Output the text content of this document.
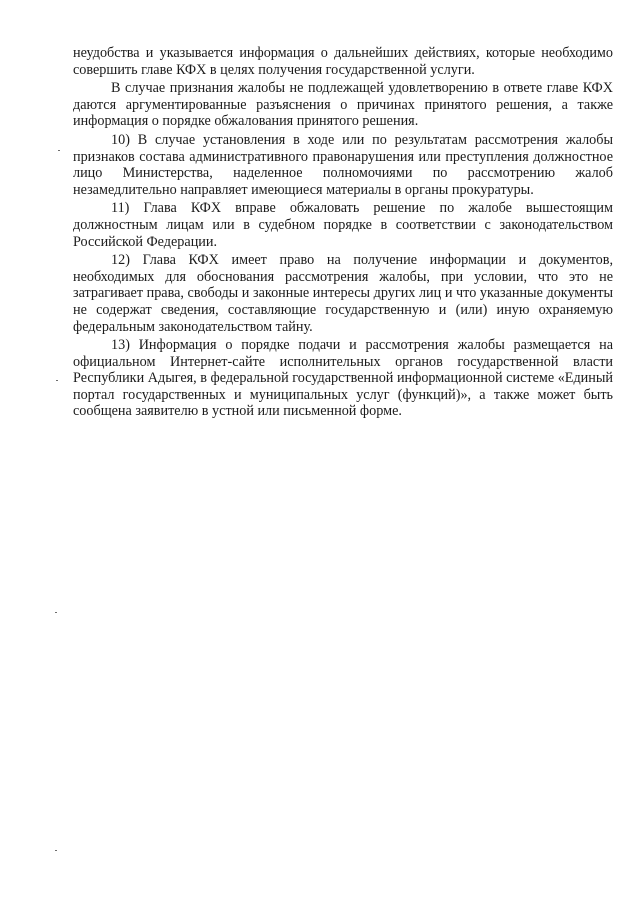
неудобства и указывается информация о дальнейших действиях, которые необходимо совершить главе КФХ в целях получения государственной услуги.

В случае признания жалобы не подлежащей удовлетворению в ответе главе КФХ даются аргументированные разъяснения о причинах принятого решения, а также информация о порядке обжалования принятого решения.

10) В случае установления в ходе или по результатам рассмотрения жалобы признаков состава административного правонарушения или преступления должностное лицо Министерства, наделенное полномочиями по рассмотрению жалоб незамедлительно направляет имеющиеся материалы в органы прокуратуры.

11) Глава КФХ вправе обжаловать решение по жалобе вышестоящим должностным лицам или в судебном порядке в соответствии с законодательством Российской Федерации.

12) Глава КФХ имеет право на получение информации и документов, необходимых для обоснования рассмотрения жалобы, при условии, что это не затрагивает права, свободы и законные интересы других лиц и что указанные документы не содержат сведения, составляющие государственную и (или) иную охраняемую федеральным законодательством тайну.

13) Информация о порядке подачи и рассмотрения жалобы размещается на официальном Интернет-сайте исполнительных органов государственной власти Республики Адыгея, в федеральной государственной информационной системе «Единый портал государственных и муниципальных услуг (функций)», а также может быть сообщена заявителю в устной или письменной форме.
